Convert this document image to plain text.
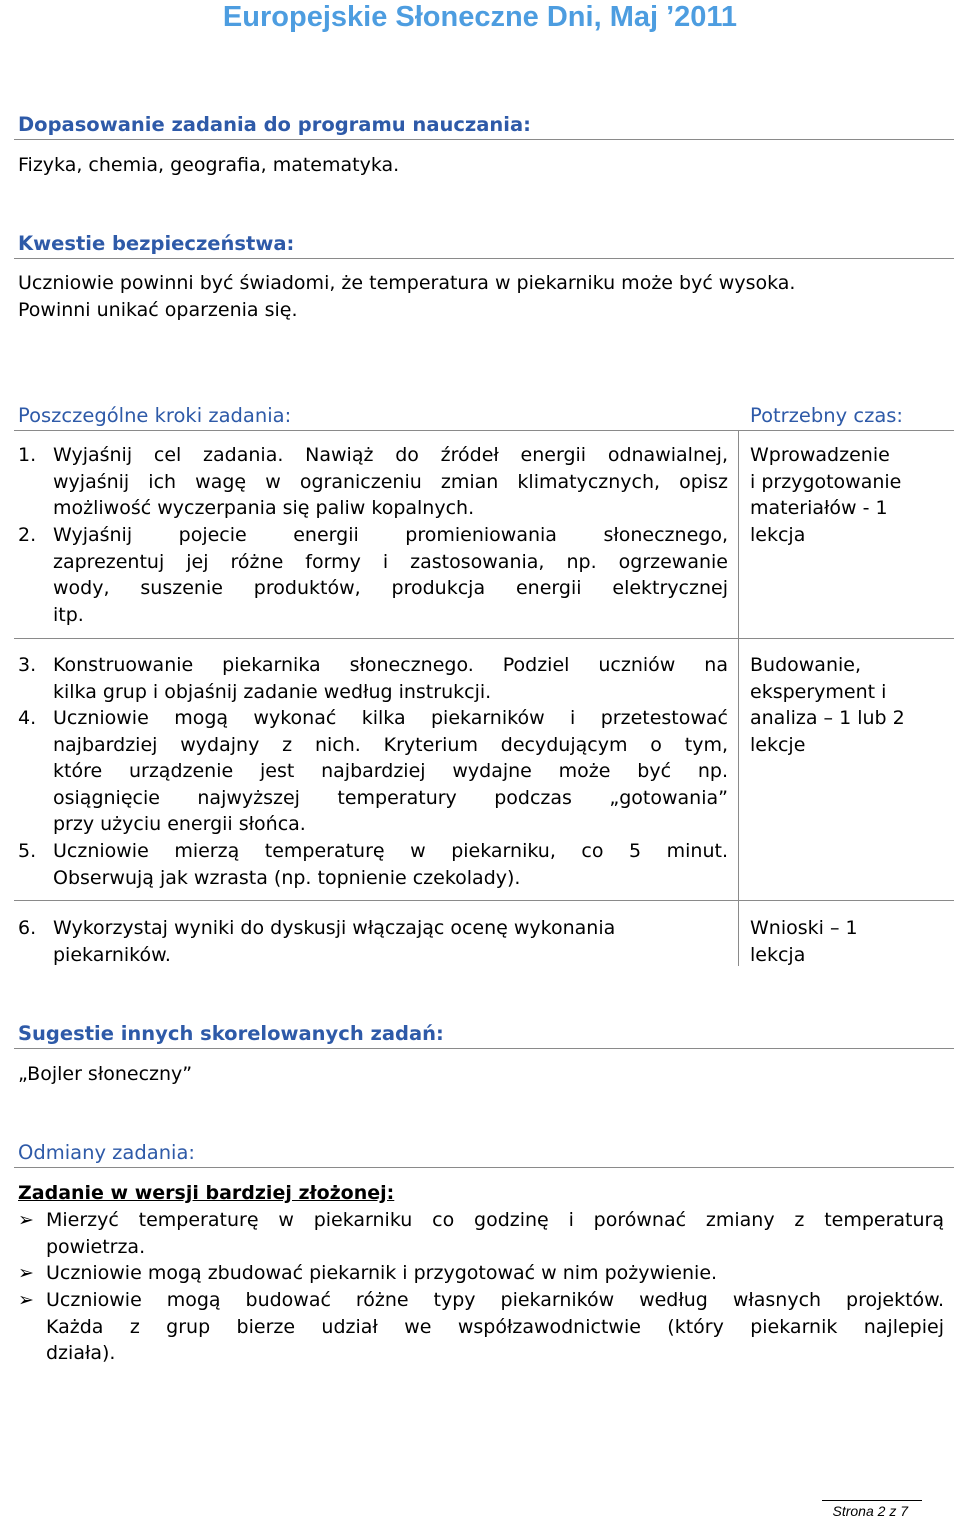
Europejskie Słoneczne Dni, Maj ’2011
Dopasowanie zadania do programu nauczania:
Fizyka, chemia, geografia, matematyka.
Kwestie bezpieczeństwa:
Uczniowie powinni być świadomi, że temperatura w piekarniku może być wysoka.
Powinni unikać oparzenia się.
Poszczególne kroki zadania:	Potrzebny czas:
1. Wyjaśnij cel zadania. Nawiąż do źródeł energii odnawialnej,
wyjaśnij ich wagę w ograniczeniu zmian klimatycznych, opisz
możliwość wyczerpania się paliw kopalnych.
2. Wyjaśnij pojecie energii promieniowania słonecznego,
zaprezentuj jej różne formy i zastosowania, np. ogrzewanie
wody, suszenie produktów, produkcja energii elektrycznej
itp.
Wprowadzenie
i przygotowanie
materiałów - 1
lekcja
3. Konstruowanie piekarnika słonecznego. Podziel uczniów na
kilka grup i objaśnij zadanie według instrukcji.
4. Uczniowie mogą wykonać kilka piekarników i przetestować
najbardziej wydajny z nich. Kryterium decydującym o tym,
które urządzenie jest najbardziej wydajne może być np.
osiągnięcie najwyższej temperatury podczas „gotowania”
przy użyciu energii słońca.
5. Uczniowie mierzą temperaturę w piekarniku, co 5 minut.
Obserwują jak wzrasta (np. topnienie czekolady).
Budowanie,
eksperyment i
analiza – 1 lub 2
lekcje
6. Wykorzystaj wyniki do dyskusji włączając ocenę wykonania
piekarników.
Wnioski – 1
lekcja
Sugestie innych skorelowanych zadań:
„Bojler słoneczny”
Odmiany zadania:
Zadanie w wersji bardziej złożonej:
➢ Mierzyć temperaturę w piekarniku co godzinę i porównać zmiany z temperaturą
powietrza.
➢ Uczniowie mogą zbudować piekarnik i przygotować w nim pożywienie.
➢ Uczniowie mogą budować różne typy piekarników według własnych projektów.
Każda z grup bierze udział we współzawodnictwie (który piekarnik najlepiej
działa).
Strona 2 z 7
